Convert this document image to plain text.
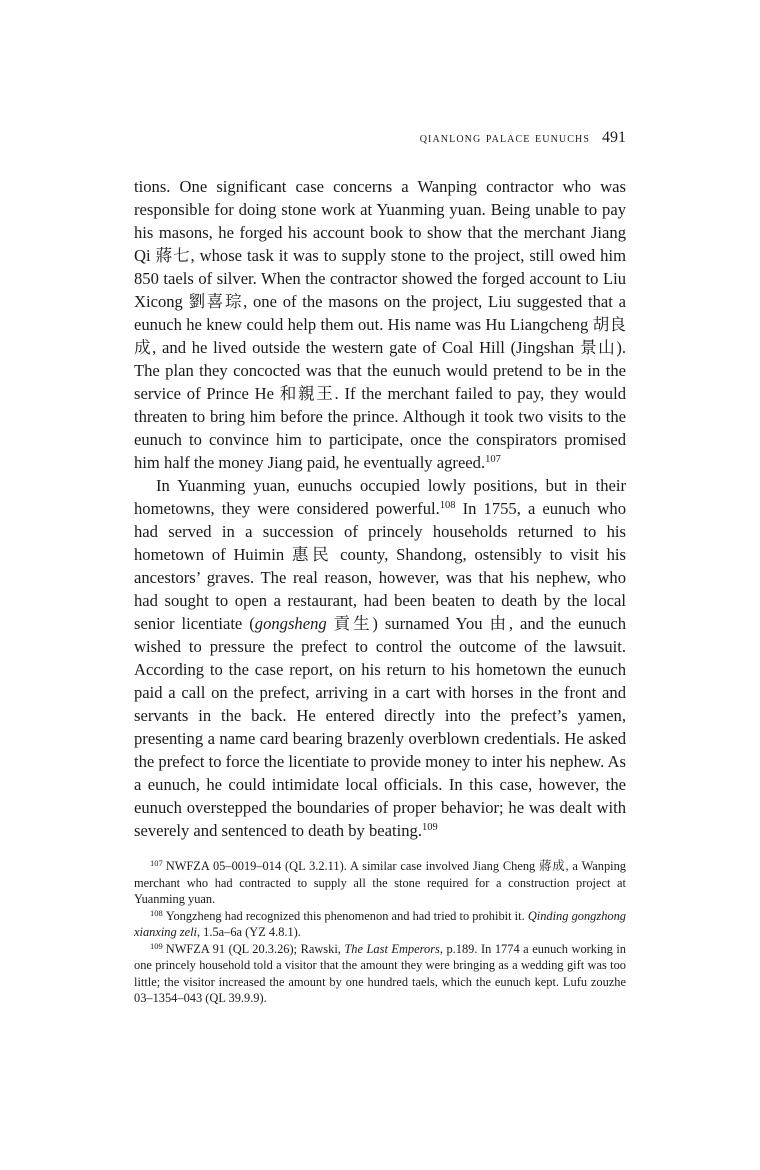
qianlong palace eunuchs 491

tions. One significant case concerns a Wanping contractor who was responsible for doing stone work at Yuanming yuan. Being unable to pay his masons, he forged his account book to show that the merchant Jiang Qi 蔣七, whose task it was to supply stone to the project, still owed him 850 taels of silver. When the contractor showed the forged account to Liu Xicong 劉喜琮, one of the masons on the project, Liu suggested that a eunuch he knew could help them out. His name was Hu Liangcheng 胡良成, and he lived outside the western gate of Coal Hill (Jingshan 景山). The plan they concocted was that the eunuch would pretend to be in the service of Prince He 和親王. If the merchant failed to pay, they would threaten to bring him before the prince. Although it took two visits to the eunuch to convince him to participate, once the conspirators promised him half the money Jiang paid, he eventually agreed.$^{107}$

In Yuanming yuan, eunuchs occupied lowly positions, but in their hometowns, they were considered powerful.$^{108}$ In 1755, a eunuch who had served in a succession of princely households returned to his hometown of Huimin 惠民 county, Shandong, ostensibly to visit his ancestors’ graves. The real reason, however, was that his nephew, who had sought to open a restaurant, had been beaten to death by the local senior licentiate (gongsheng 貢生) surnamed You 由, and the eunuch wished to pressure the prefect to control the outcome of the lawsuit. According to the case report, on his return to his hometown the eunuch paid a call on the prefect, arriving in a cart with horses in the front and servants in the back. He entered directly into the prefect’s yamen, presenting a name card bearing brazenly overblown credentials. He asked the prefect to force the licentiate to provide money to inter his nephew. As a eunuch, he could intimidate local officials. In this case, however, the eunuch overstepped the boundaries of proper behavior; he was dealt with severely and sentenced to death by beating.$^{109}$

$^{107}$ NWFZA 05–0019–014 (QL 3.2.11). A similar case involved Jiang Cheng 蔣成, a Wanping merchant who had contracted to supply all the stone required for a construction project at Yuanming yuan.

$^{108}$ Yongzheng had recognized this phenomenon and had tried to prohibit it. Qinding gongzhong xianxing zeli, 1.5a–6a (YZ 4.8.1).

$^{109}$ NWFZA 91 (QL 20.3.26); Rawski, The Last Emperors, p.189. In 1774 a eunuch working in one princely household told a visitor that the amount they were bringing as a wedding gift was too little; the visitor increased the amount by one hundred taels, which the eunuch kept. Lufu zouzhe 03–1354–043 (QL 39.9.9).
